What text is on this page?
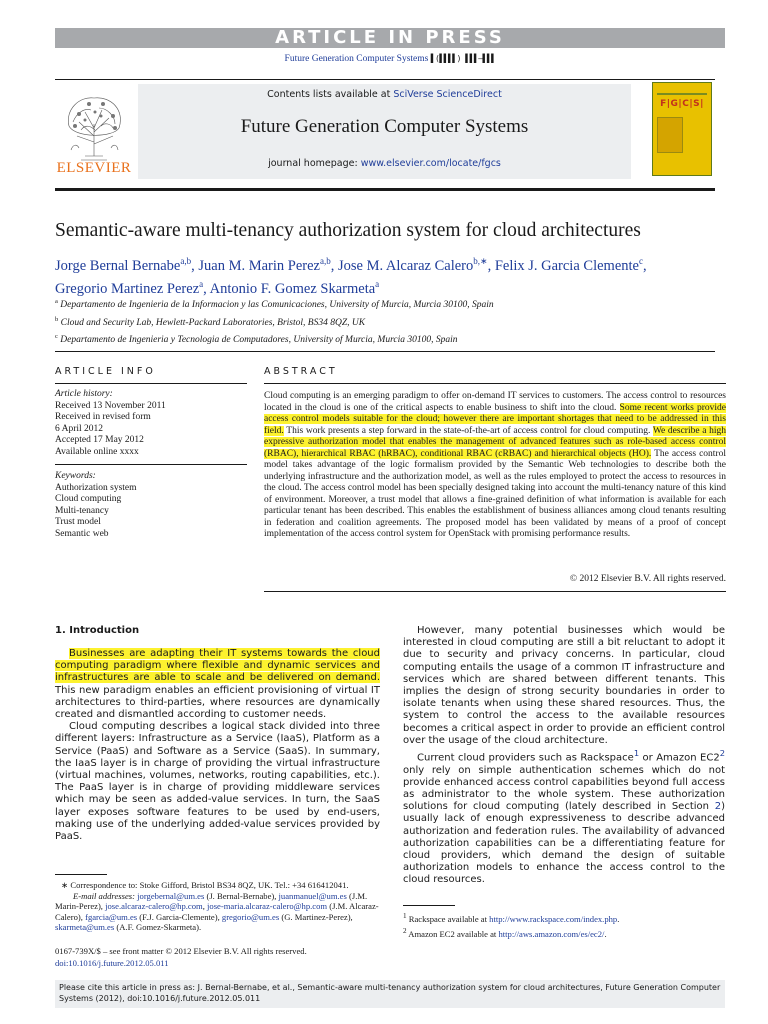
ARTICLE IN PRESS
Future Generation Computer Systems ▌(▌▌▌▌) ▌▌▌–▌▌▌
ELSEVIER
Contents lists available at SciVerse ScienceDirect
Future Generation Computer Systems
journal homepage: www.elsevier.com/locate/fgcs
F|G|C|S|
Semantic-aware multi-tenancy authorization system for cloud architectures
Jorge Bernal Bernabe$^{a,b}$, Juan M. Marin Perez$^{a,b}$, Jose M. Alcaraz Calero$^{b,∗}$, Felix J. Garcia Clemente$^c$,
Gregorio Martinez Perez$^a$, Antonio F. Gomez Skarmeta$^a$
$^a$ Departamento de Ingenieria de la Informacion y las Comunicaciones, University of Murcia, Murcia 30100, Spain
$^b$ Cloud and Security Lab, Hewlett-Packard Laboratories, Bristol, BS34 8QZ, UK
$^c$ Departamento de Ingenieria y Tecnologia de Computadores, University of Murcia, Murcia 30100, Spain
ARTICLE INFO	ABSTRACT
Article history:
Received 13 November 2011
Received in revised form
6 April 2012
Accepted 17 May 2012
Available online xxxx
Keywords:
Authorization system
Cloud computing
Multi-tenancy
Trust model
Semantic web
Cloud computing is an emerging paradigm to offer on-demand IT services to customers. The access control to resources located in the cloud is one of the critical aspects to enable business to shift into the cloud. Some recent works provide access control models suitable for the cloud; however there are important shortages that need to be addressed in this field. This work presents a step forward in the state-of-the-art of access control for cloud computing. We describe a high expressive authorization model that enables the management of advanced features such as role-based access control (RBAC), hierarchical RBAC (hRBAC), conditional RBAC (cRBAC) and hierarchical objects (HO). The access control model takes advantage of the logic formalism provided by the Semantic Web technologies to describe both the underlying infrastructure and the authorization model, as well as the rules employed to protect the access to resources in the cloud. The access control model has been specially designed taking into account the multi-tenancy nature of this kind of environment. Moreover, a trust model that allows a fine-grained definition of what information is available for each particular tenant has been described. This enables the establishment of business alliances among cloud tenants resulting in federation and coalition agreements. The proposed model has been validated by means of a proof of concept implementation of the access control system for OpenStack with promising performance results.
© 2012 Elsevier B.V. All rights reserved.
1. Introduction

Businesses are adapting their IT systems towards the cloud computing paradigm where flexible and dynamic services and infrastructures are able to scale and be delivered on demand. This new paradigm enables an efficient provisioning of virtual IT architectures to third-parties, where resources are dynamically created and dismantled according to customer needs.

Cloud computing describes a logical stack divided into three different layers: Infrastructure as a Service (IaaS), Platform as a Service (PaaS) and Software as a Service (SaaS). In summary, the IaaS layer is in charge of providing the virtual infrastructure (virtual machines, volumes, networks, routing capabilities, etc.). The PaaS layer is in charge of providing middleware services which may be seen as added-value services. In turn, the SaaS layer exposes software features to be used by end-users, making use of the underlying added-value services provided by PaaS.

However, many potential businesses which would be interested in cloud computing are still a bit reluctant to adopt it due to security and privacy concerns. In particular, cloud computing entails the usage of a common IT infrastructure and services which are shared between different tenants. This implies the design of strong security boundaries in order to isolate tenants when using these shared resources. Thus, the system to control the access to the available resources becomes a critical aspect in order to provide an efficient control over the usage of the cloud architecture.

Current cloud providers such as Rackspace$^1$ or Amazon EC2$^2$ only rely on simple authentication schemes which do not provide enhanced access control capabilities beyond full access as administrator to the whole system. These authorization solutions for cloud computing (lately described in Section 2) usually lack of enough expressiveness to describe advanced authorization and federation rules. The availability of advanced authorization capabilities can be a differentiating feature for cloud providers, which demand the design of suitable authorization models to enhance the access control to the cloud resources.

∗ Correspondence to: Stoke Gifford, Bristol BS34 8QZ, UK. Tel.: +34 616412041.
E-mail addresses: jorgebernal@um.es (J. Bernal-Bernabe), juanmanuel@um.es (J.M. Marin-Perez), jose.alcaraz-calero@hp.com, jose-maria.alcaraz-calero@hp.com (J.M. Alcaraz-Calero), fgarcia@um.es (F.J. Garcia-Clemente), gregorio@um.es (G. Martinez-Perez), skarmeta@um.es (A.F. Gomez-Skarmeta).
$^1$ Rackspace available at http://www.rackspace.com/index.php.
$^2$ Amazon EC2 available at http://aws.amazon.com/es/ec2/.
0167-739X/$ – see front matter © 2012 Elsevier B.V. All rights reserved.
doi:10.1016/j.future.2012.05.011
Please cite this article in press as: J. Bernal-Bernabe, et al., Semantic-aware multi-tenancy authorization system for cloud architectures, Future Generation Computer Systems (2012), doi:10.1016/j.future.2012.05.011
